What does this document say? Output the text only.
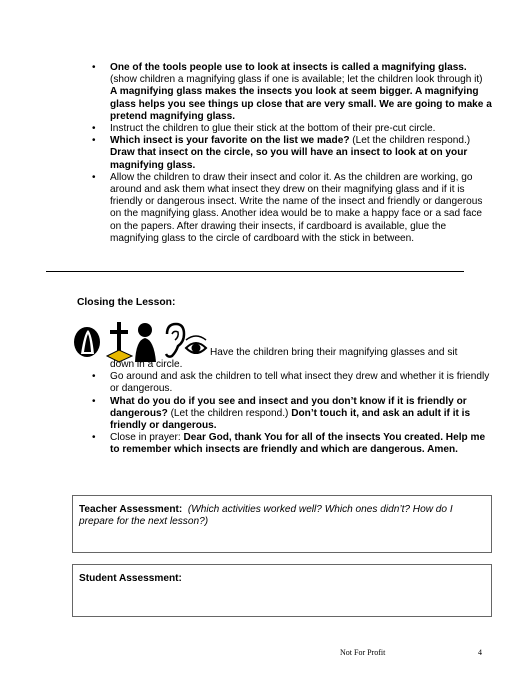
• One of the tools people use to look at insects is called a magnifying glass. (show children a magnifying glass if one is available; let the children look through it) A magnifying glass makes the insects you look at seem bigger. A magnifying glass helps you see things up close that are very small. We are going to make a pretend magnifying glass.
• Instruct the children to glue their stick at the bottom of their pre-cut circle.
• Which insect is your favorite on the list we made? (Let the children respond.) Draw that insect on the circle, so you will have an insect to look at on your magnifying glass.
• Allow the children to draw their insect and color it. As the children are working, go around and ask them what insect they drew on their magnifying glass and if it is friendly or dangerous insect. Write the name of the insect and friendly or dangerous on the magnifying glass. Another idea would be to make a happy face or a sad face on the papers. After drawing their insects, if cardboard is available, glue the magnifying glass to the circle of cardboard with the stick in between.
Closing the Lesson:
Have the children bring their magnifying glasses and sit
down in a circle.
• Go around and ask the children to tell what insect they drew and whether it is friendly or dangerous.
• What do you do if you see and insect and you don’t know if it is friendly or dangerous? (Let the children respond.) Don’t touch it, and ask an adult if it is friendly or dangerous.
• Close in prayer: Dear God, thank You for all of the insects You created. Help me to remember which insects are friendly and which are dangerous. Amen.
Teacher Assessment: (Which activities worked well? Which ones didn’t? How do I prepare for the next lesson?)
Student Assessment:
Not For Profit	4
